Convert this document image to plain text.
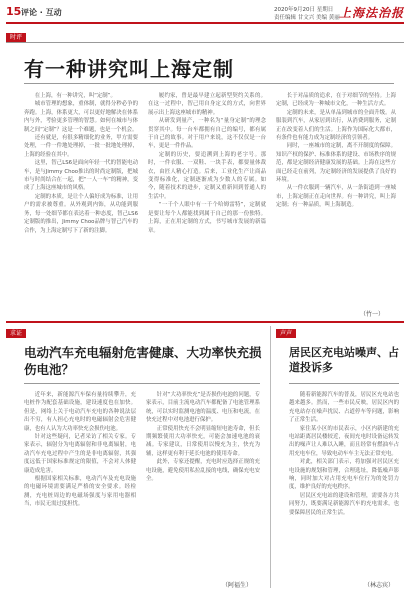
15 评论 · 互动	2020年9月20日 星期日
责任编辑 甘文兴 美编 黄丽 上海法治报
时评
有一种讲究叫上海定制

在上海，有一种讲究，叫“定制”。

城市管理的想象，重体制，就得分秒必争的奔跑。上海，体系更大，可以更好地解决在体系内与外，考验更多管理的智慧。如何在城市与体制之间“定制”？这是一个难题，也是一个机会。

还有就是，有很多精细化的业务，甲方需要处理，一件一件地处理掉，一批一批地处理掉，上海的经验在其中。

这里，智己LS6是面向年轻一代的智能电动车，是与Jimmy Choo推出的时尚定制版，把城市与时尚结合在一起，把“一人一车”的精神，变成了上海这座城市的风格。

定制的本质，是让个人偏好成为标准，让用户的需求被尊重。从外观到内饰，从功能到服务，每一处细节都在表达着一种态度，智己LS6定制版的推出，Jimmy Choo品牌与智己汽车的合作，为上海定制写下了新的注脚。

履约家，曾是最早建立起新型契约关系的。在这一过程中，智己用自身定义的方式，向世界展示出上海这座城市的精神。

从研发到量产，一种名为“量身定制”的理念贯穿其中。每一台车都拥有自己的编号，都有属于自己的故事。对于用户来说，这不仅仅是一台车，更是一件作品。

定制的历史，要追溯到上海的老字号。那时，一件衣服、一双鞋、一块手表，都要量体裁衣，由匠人精心打造。后来，工业化生产让商品变得标准化，定制逐渐成为少数人的专属。如今，随着技术的进步，定制又重新回到普通人的生活中。

“一千个人眼中有一千个哈姆雷特”，定制就是要让每个人都能找到属于自己的那一份独特。上海，正在用定制的方式，书写城市发展的新篇章。

长于对品质的追求，在于对细节的坚持。上海定制，已经成为一种城市文化，一种生活方式。

定制的未来，是从单品到城市的全面升级。从服装到汽车，从家居到出行，从消费到服务，定制正在改变着人们的生活。上海作为国际化大都市，有条件也有能力成为定制经济的引领者。

同时，一座城市的定制，离不开制度的保障。知识产权的保护、标准体系的建设、市场秩序的规范，都是定制经济健康发展的基础。上海在这些方面已经走在前列，为定制经济的发展提供了良好的环境。

从一件衣服到一辆汽车，从一条街道到一座城市，上海定制正在走向世界。有一种讲究，叫上海定制；有一种品质，叫上海制造。

（竹一）
求证
电动汽车充电辐射危害健康、大功率快充损伤电池？

近年来，新能源汽车保有量持续攀升，充电桩作为配套基础设施，建设速度也在加快。但是，网络上关于电动汽车充电的各种说法层出不穷，有人担心充电时的电磁辐射会危害健康，也有人认为大功率快充会损伤电池。

针对这些疑问，记者采访了相关专家。专家表示，辐射分为电离辐射和非电离辐射，电动汽车充电过程中产生的是非电离辐射，其强度远低于国家标准规定的限值，不会对人体健康造成危害。

根据国家相关标准，电动汽车及充电设施的电磁环境需要满足严格的安全要求。经检测，充电桩周边的电磁场强度与家用电器相当，市民无需过度担忧。

针对“大功率快充”是否损伤电池的问题，专家表示，目前主流电动汽车都配备了电池管理系统，可以实时监测电池的温度、电压和电流，在快充过程中对电池进行保护。

正常使用快充不会明显缩短电池寿命，但长期频繁使用大功率快充，可能会加速电池的衰减。专家建议，日常使用以慢充为主，快充为辅，这样更有利于延长电池的使用寿命。

此外，专家还提醒，充电时应选择正规的充电设施，避免使用私拉乱接的电线，确保充电安全。

（阿福生）
声声
居民区充电站噪声、占道投诉多

随着新能源汽车的普及，居民区充电站也越来越多。然而，一些市民反映，居民区内的充电站存在噪声扰民、占道停车等问题，影响了正常生活。

家住某小区的市民表示，小区内新建的充电站距离居民楼较近，夜间充电时设备运转发出的噪声让人难以入睡，而且经常有燃油车占用充电车位，导致电动车车主无法正常充电。

对此，相关部门表示，将加强对居民区充电设施的规划和管理，合理选址，降低噪声影响，同时加大对占用充电车位行为的处罚力度，维护良好的充电秩序。

居民区充电站的建设和管理，需要各方共同努力，既要满足新能源汽车的充电需求，也要保障居民的正常生活。

（林志宾）
